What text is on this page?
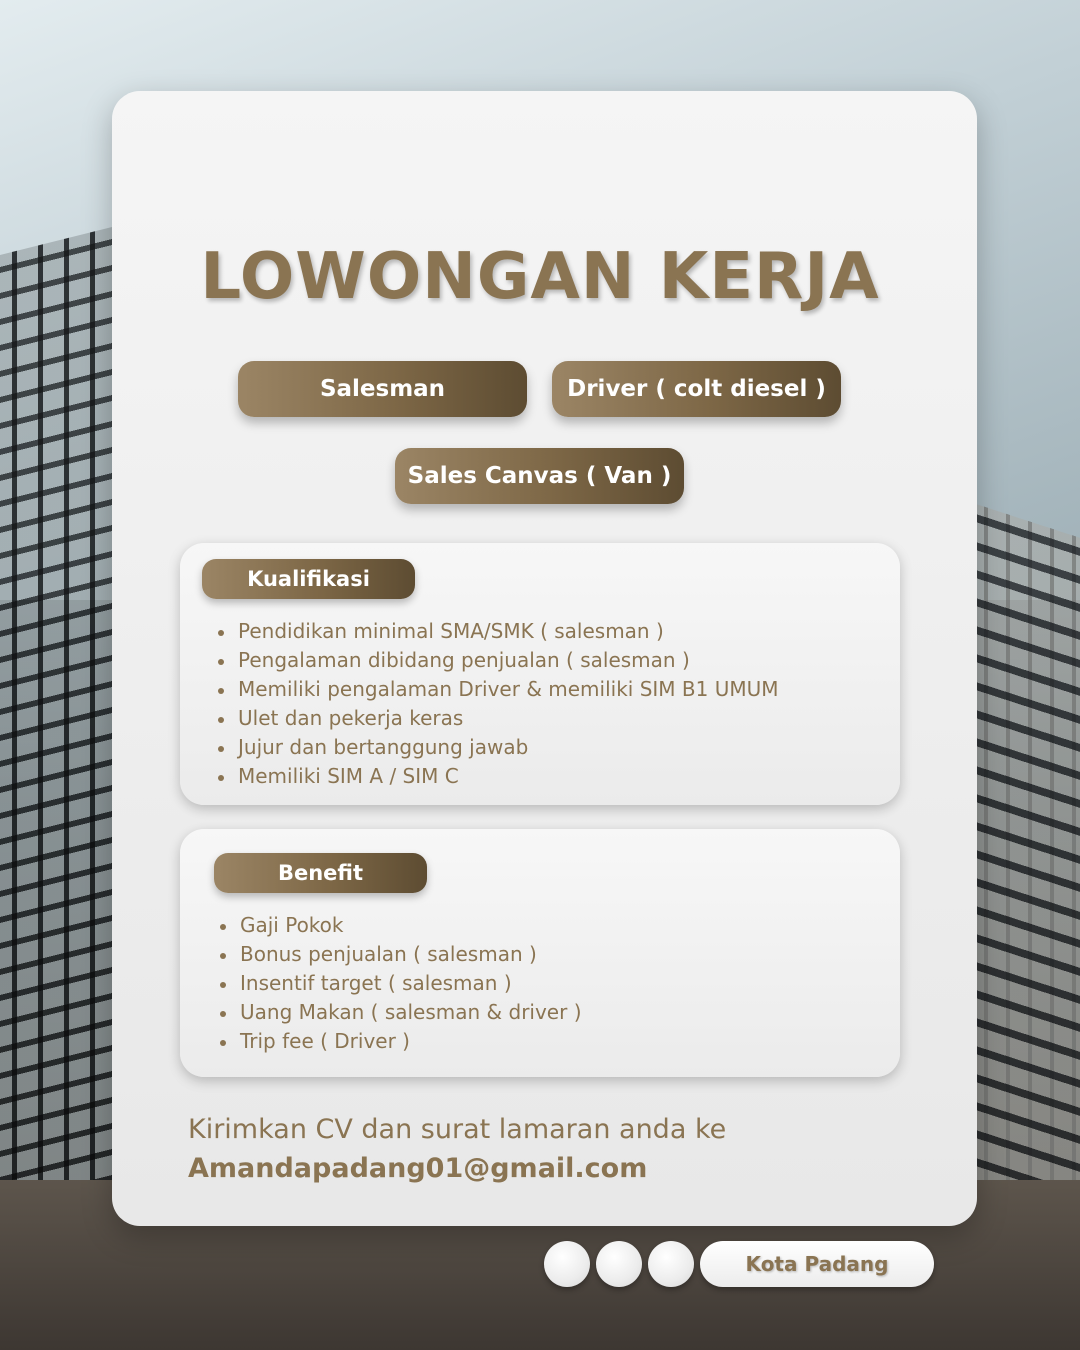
LOWONGAN KERJA
Salesman	Driver ( colt diesel )
Sales Canvas ( Van )
Kualifikasi
Pendidikan minimal SMA/SMK ( salesman )
Pengalaman dibidang penjualan ( salesman )
Memiliki pengalaman Driver & memiliki SIM B1 UMUM
Ulet dan pekerja keras
Jujur dan bertanggung jawab
Memiliki SIM A / SIM C
Benefit
Gaji Pokok
Bonus penjualan ( salesman )
Insentif target ( salesman )
Uang Makan ( salesman & driver )
Trip fee ( Driver )
Kirimkan CV dan surat lamaran anda ke
Amandapadang01@gmail.com
Kota Padang
